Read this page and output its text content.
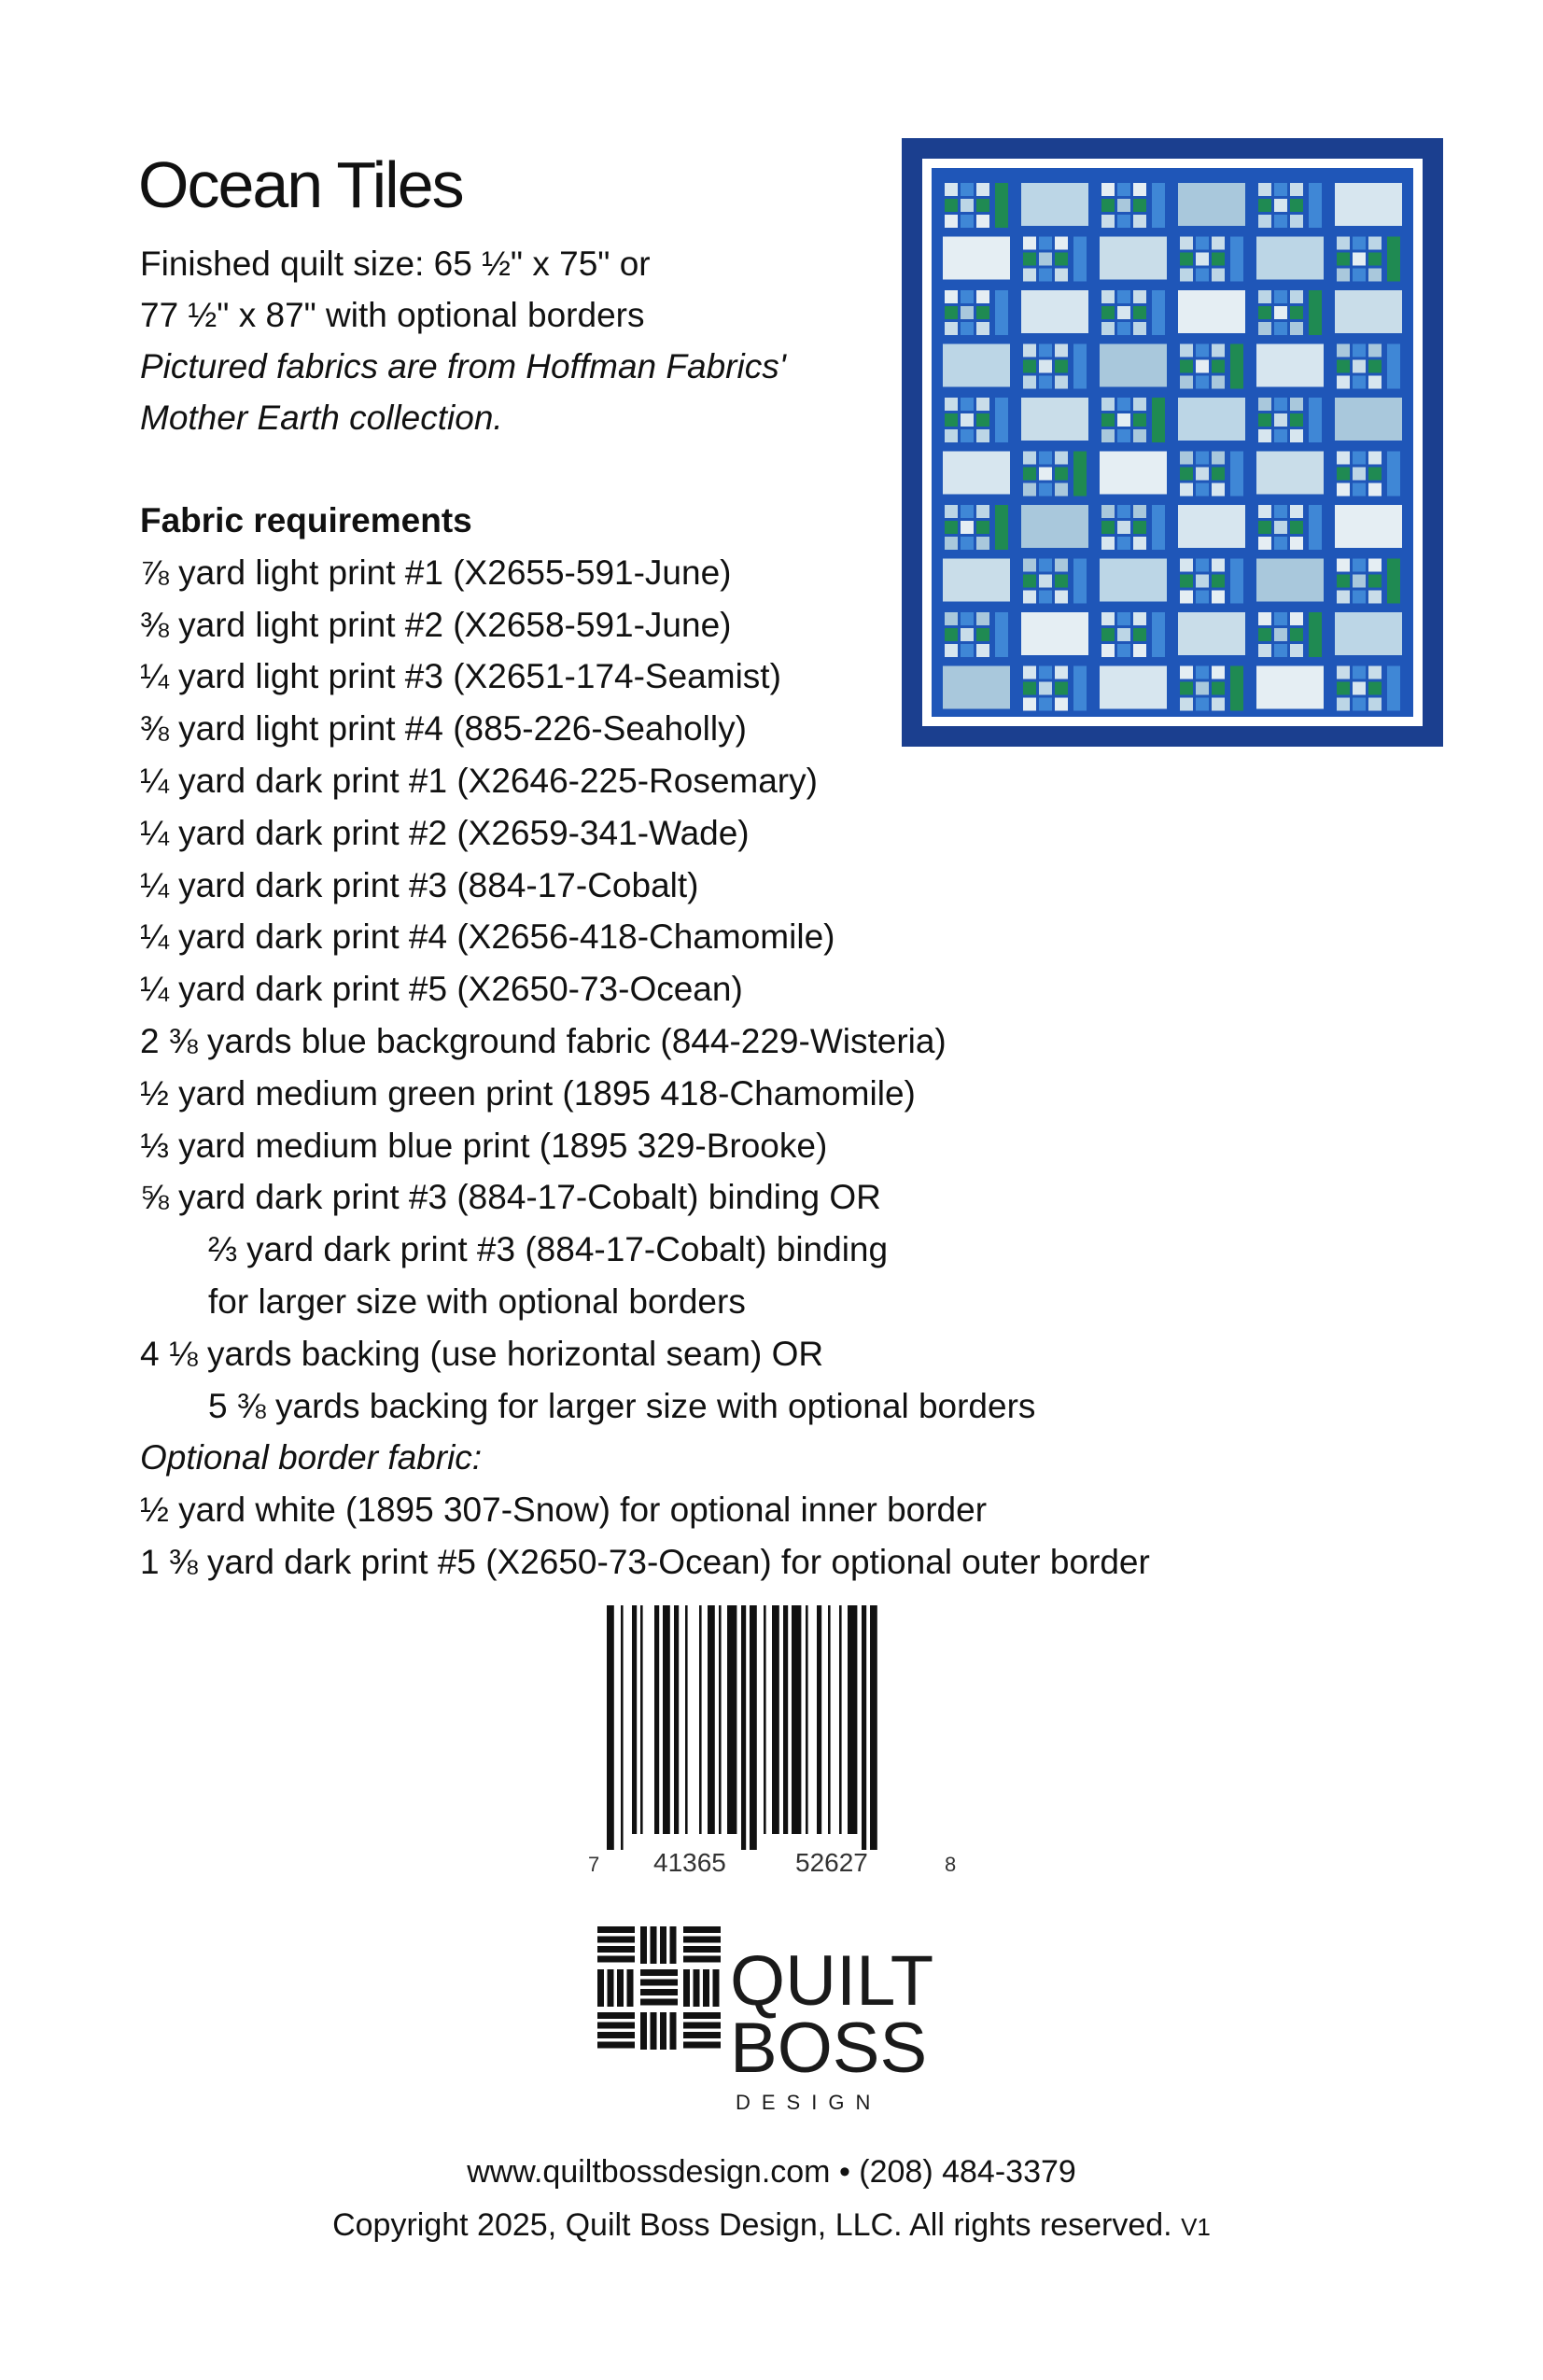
Ocean Tiles
Finished quilt size: 65 ½" x 75" or
77 ½" x 87" with optional borders
Pictured fabrics are from Hoffman Fabrics'
Mother Earth collection.
Fabric requirements
⅞ yard light print #1 (X2655-591-June)
⅜ yard light print #2 (X2658-591-June)
¼ yard light print #3 (X2651-174-Seamist)
⅜ yard light print #4 (885-226-Seaholly)
¼ yard dark print #1 (X2646-225-Rosemary)
¼ yard dark print #2 (X2659-341-Wade)
¼ yard dark print #3 (884-17-Cobalt)
¼ yard dark print #4 (X2656-418-Chamomile)
¼ yard dark print #5 (X2650-73-Ocean)
2 ⅜ yards blue background fabric (844-229-Wisteria)
½ yard medium green print (1895 418-Chamomile)
⅓ yard medium blue print (1895 329-Brooke)
⅝ yard dark print #3 (884-17-Cobalt) binding OR
⅔ yard dark print #3 (884-17-Cobalt) binding
for larger size with optional borders
4 ⅛ yards backing (use horizontal seam) OR
5 ⅜ yards backing for larger size with optional borders
Optional border fabric:
½ yard white (1895 307-Snow) for optional inner border
1 ⅜ yard dark print #5 (X2650-73-Ocean) for optional outer border
7 41365	52627	8
QUILT
BOSS
DESIGN
www.quiltbossdesign.com • (208) 484-3379
Copyright 2025, Quilt Boss Design, LLC. All rights reserved. V1
